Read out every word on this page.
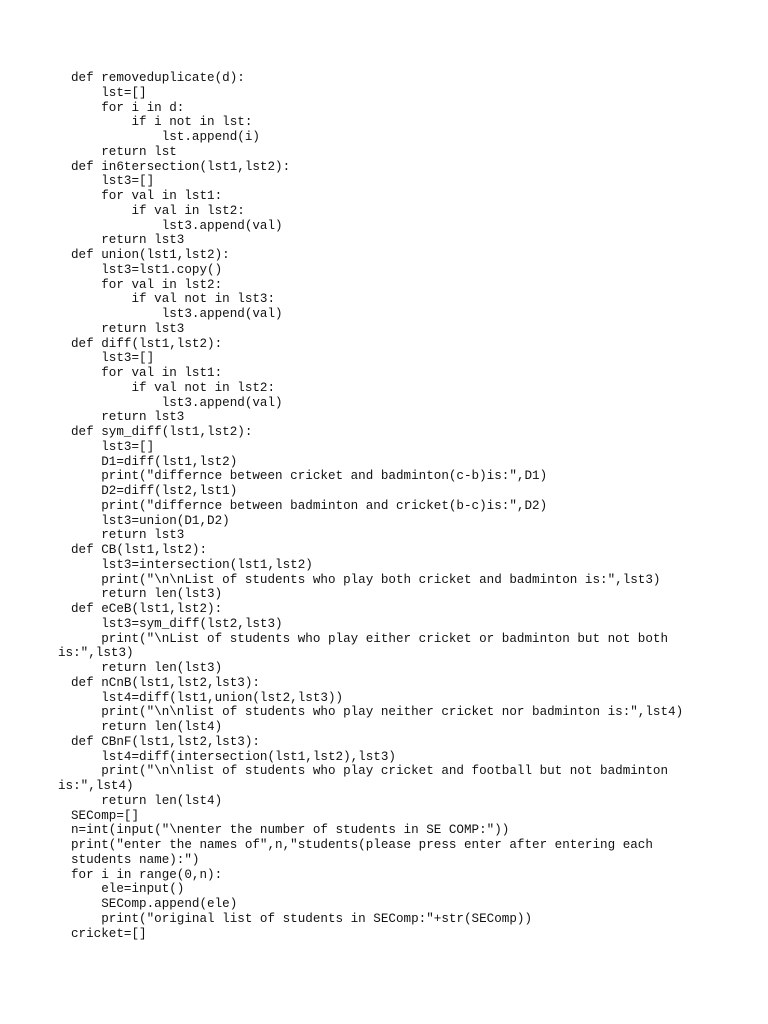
def removeduplicate(d):
lst=[]
for i in d:
if i not in lst:
lst.append(i)
return lst
def in6tersection(lst1,lst2):
lst3=[]
for val in lst1:
if val in lst2:
lst3.append(val)
return lst3
def union(lst1,lst2):
lst3=lst1.copy()
for val in lst2:
if val not in lst3:
lst3.append(val)
return lst3
def diff(lst1,lst2):
lst3=[]
for val in lst1:
if val not in lst2:
lst3.append(val)
return lst3
def sym_diff(lst1,lst2):
lst3=[]
D1=diff(lst1,lst2)
print("differnce between cricket and badminton(c-b)is:",D1)
D2=diff(lst2,lst1)
print("differnce between badminton and cricket(b-c)is:",D2)
lst3=union(D1,D2)
return lst3
def CB(lst1,lst2):
lst3=intersection(lst1,lst2)
print("\n\nList of students who play both cricket and badminton is:",lst3)
return len(lst3)
def eCeB(lst1,lst2):
lst3=sym_diff(lst2,lst3)
print("\nList of students who play either cricket or badminton but not both
is:",lst3)
return len(lst3)
def nCnB(lst1,lst2,lst3):
lst4=diff(lst1,union(lst2,lst3))
print("\n\nlist of students who play neither cricket nor badminton is:",lst4)
return len(lst4)
def CBnF(lst1,lst2,lst3):
lst4=diff(intersection(lst1,lst2),lst3)
print("\n\nlist of students who play cricket and football but not badminton
is:",lst4)
return len(lst4)
SEComp=[]
n=int(input("\nenter the number of students in SE COMP:"))
print("enter the names of",n,"students(please press enter after entering each
students name):")
for i in range(0,n):
ele=input()
SEComp.append(ele)
print("original list of students in SEComp:"+str(SEComp))
cricket=[]
